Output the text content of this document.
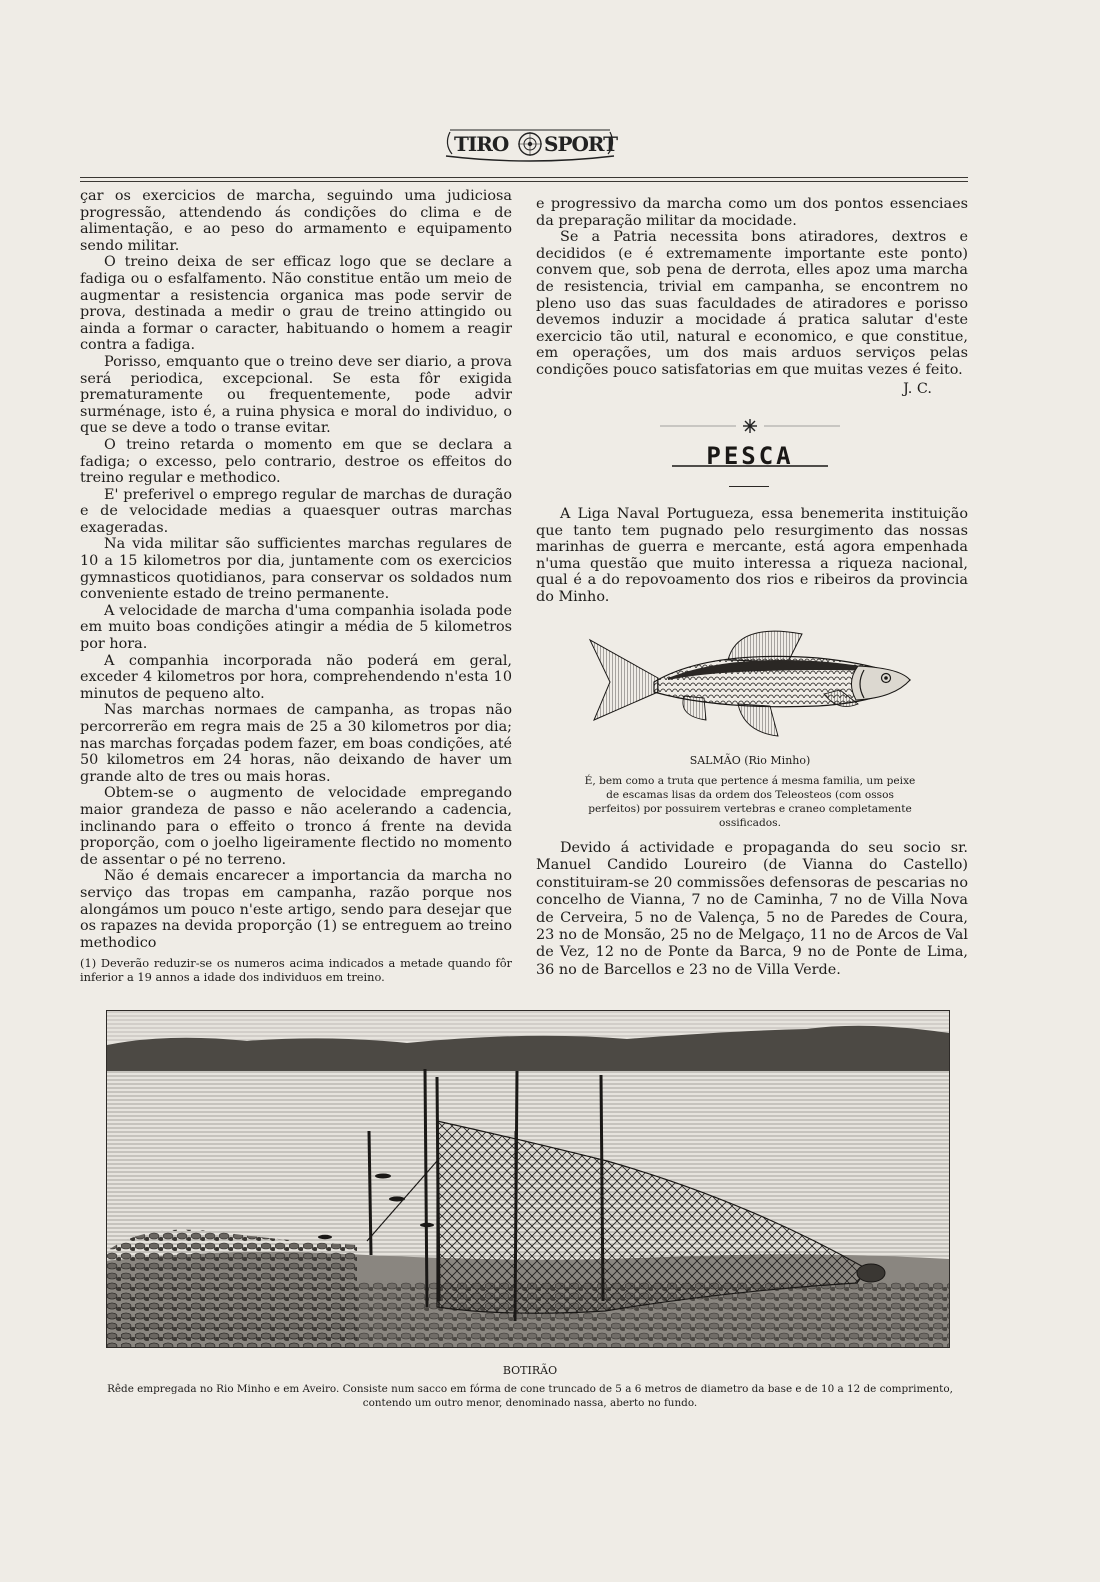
TIRO SPORT

çar os exercicios de marcha, seguindo uma judiciosa progressão, attendendo ás condições do clima e de alimentação, e ao peso do armamento e equipamento sendo militar.

O treino deixa de ser efficaz logo que se declare a fadiga ou o esfalfamento. Não constitue então um meio de augmentar a resistencia organica mas pode servir de prova, destinada a medir o grau de treino attingido ou ainda a formar o caracter, habituando o homem a reagir contra a fadiga.

Porisso, emquanto que o treino deve ser diario, a prova será periodica, excepcional. Se esta fôr exigida prematuramente ou frequentemente, pode advir surménage, isto é, a ruina physica e moral do individuo, o que se deve a todo o transe evitar.

O treino retarda o momento em que se declara a fadiga; o excesso, pelo contrario, destroe os effeitos do treino regular e methodico.

E' preferivel o emprego regular de marchas de duração e de velocidade medias a quaesquer outras marchas exageradas.

Na vida militar são sufficientes marchas regulares de 10 a 15 kilometros por dia, juntamente com os exercicios gymnasticos quotidianos, para conservar os soldados num conveniente estado de treino permanente.

A velocidade de marcha d'uma companhia isolada pode em muito boas condições atingir a média de 5 kilometros por hora.

A companhia incorporada não poderá em geral, exceder 4 kilometros por hora, comprehendendo n'esta 10 minutos de pequeno alto.

Nas marchas normaes de campanha, as tropas não percorrerão em regra mais de 25 a 30 kilometros por dia; nas marchas forçadas podem fazer, em boas condições, até 50 kilometros em 24 horas, não deixando de haver um grande alto de tres ou mais horas.

Obtem-se o augmento de velocidade empregando maior grandeza de passo e não acelerando a cadencia, inclinando para o effeito o tronco á frente na devida proporção, com o joelho ligeiramente flectido no momento de assentar o pé no terreno.

Não é demais encarecer a importancia da marcha no serviço das tropas em campanha, razão porque nos alongámos um pouco n'este artigo, sendo para desejar que os rapazes na devida proporção (1) se entreguem ao treino methodico

(1) Deverão reduzir-se os numeros acima indicados a metade quando fôr inferior a 19 annos a idade dos individuos em treino.

e progressivo da marcha como um dos pontos essenciaes da preparação militar da mocidade.

Se a Patria necessita bons atiradores, dextros e decididos (e é extremamente importante este ponto) convem que, sob pena de derrota, elles apoz uma marcha de resistencia, trivial em campanha, se encontrem no pleno uso das suas faculdades de atiradores e porisso devemos induzir a mocidade á pratica salutar d'este exercicio tão util, natural e economico, e que constitue, em operações, um dos mais arduos serviços pelas condições pouco satisfatorias em que muitas vezes é feito.

J. C.
PESCA

A Liga Naval Portugueza, essa benemerita instituição que tanto tem pugnado pelo resurgimento das nossas marinhas de guerra e mercante, está agora empenhada n'uma questão que muito interessa a riqueza nacional, qual é a do repovoamento dos rios e ribeiros da provincia do Minho.

SALMÃO (Rio Minho)
É, bem como a truta que pertence á mesma familia, um peixe de escamas lisas da ordem dos Teleosteos (com ossos perfeitos) por possuirem vertebras e craneo completamente ossificados.

Devido á actividade e propaganda do seu socio sr. Manuel Candido Loureiro (de Vianna do Castello) constituiram-se 20 commissões defensoras de pescarias no concelho de Vianna, 7 no de Caminha, 7 no de Villa Nova de Cerveira, 5 no de Valença, 5 no de Paredes de Coura, 23 no de Monsão, 25 no de Melgaço, 11 no de Arcos de Val de Vez, 12 no de Ponte da Barca, 9 no de Ponte de Lima, 36 no de Barcellos e 23 no de Villa Verde.

BOTIRÃO
Rêde empregada no Rio Minho e em Aveiro. Consiste num sacco em fórma de cone truncado de 5 a 6 metros de diametro da base e de 10 a 12 de comprimento,
contendo um outro menor, denominado nassa, aberto no fundo.
